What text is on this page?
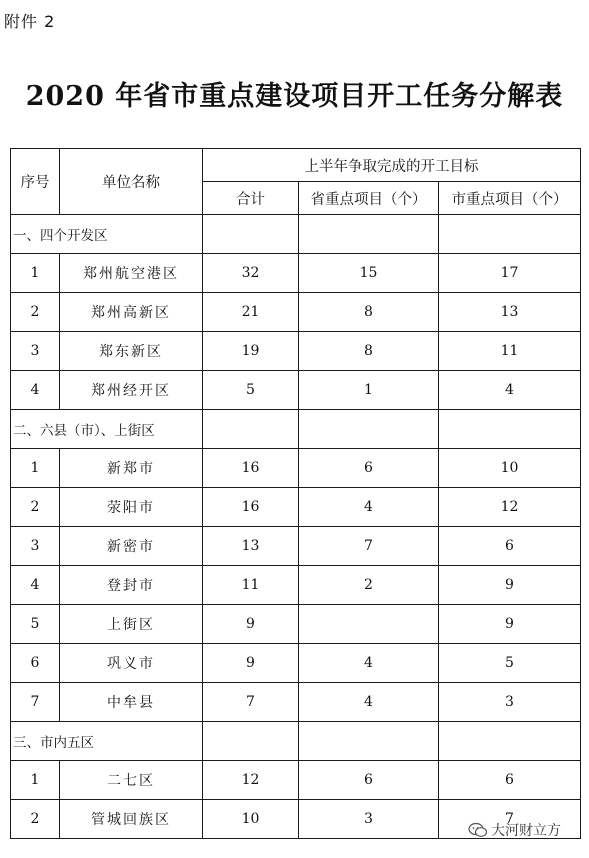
附件 2
2020 年省市重点建设项目开工任务分解表
序号	单位名称	上半年争取完成的开工目标		
		合计	省重点项目（个）	市重点项目（个）
一、四个开发区				
1	郑州航空港区	32	15	17
2	郑州高新区	21	8	13
3	郑东新区	19	8	11
4	郑州经开区	5	1	4
二、六县（市）、上街区				
1	新郑市	16	6	10
2	荥阳市	16	4	12
3	新密市	13	7	6
4	登封市	11	2	9
5	上街区	9		9
6	巩义市	9	4	5
7	中牟县	7	4	3
三、市内五区				
1	二七区	12	6	6
2	管城回族区	10	3	7
大河财立方
